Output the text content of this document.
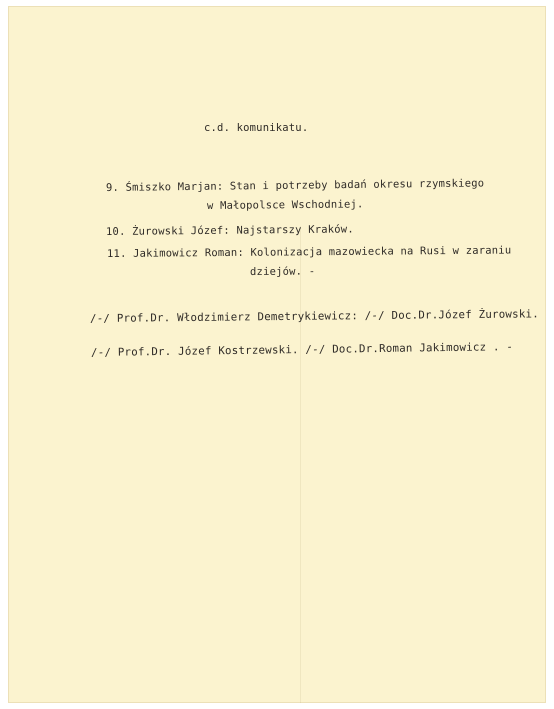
c.d. komunikatu.
9. Śmiszko Marjan: Stan i potrzeby badań okresu rzymskiego
w Małopolsce Wschodniej.
10. Żurowski Józef: Najstarszy Kraków.
11. Jakimowicz Roman: Kolonizacja mazowiecka na Rusi w zaraniu
dziejów. -
/-/ Prof.Dr. Włodzimierz Demetrykiewicz: /-/ Doc.Dr.Józef Żurowski.
/-/ Prof.Dr. Józef Kostrzewski. /-/ Doc.Dr.Roman Jakimowicz . -
